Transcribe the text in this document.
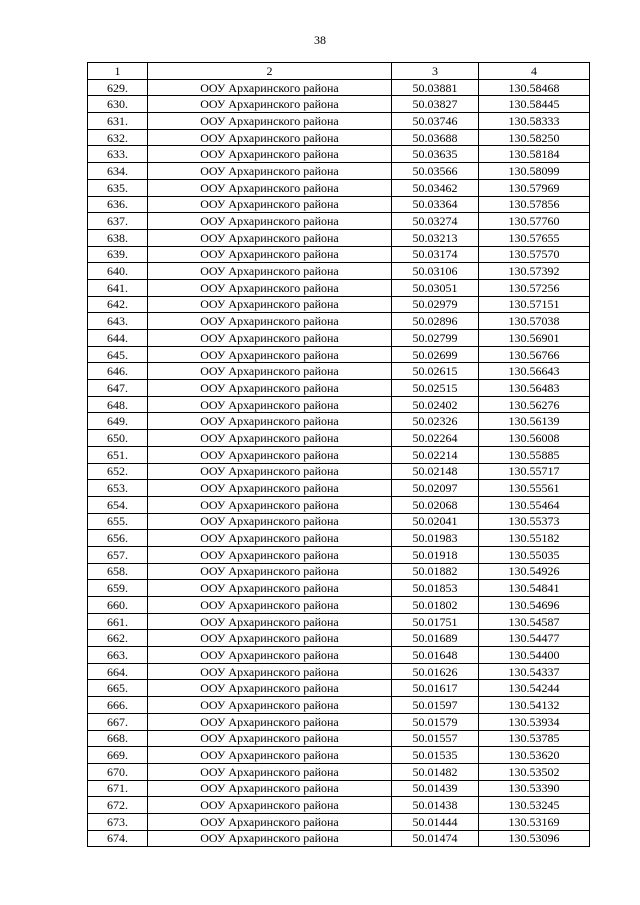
38
1	2	3	4
629.	ООУ Архаринского района	50.03881	130.58468
630.	ООУ Архаринского района	50.03827	130.58445
631.	ООУ Архаринского района	50.03746	130.58333
632.	ООУ Архаринского района	50.03688	130.58250
633.	ООУ Архаринского района	50.03635	130.58184
634.	ООУ Архаринского района	50.03566	130.58099
635.	ООУ Архаринского района	50.03462	130.57969
636.	ООУ Архаринского района	50.03364	130.57856
637.	ООУ Архаринского района	50.03274	130.57760
638.	ООУ Архаринского района	50.03213	130.57655
639.	ООУ Архаринского района	50.03174	130.57570
640.	ООУ Архаринского района	50.03106	130.57392
641.	ООУ Архаринского района	50.03051	130.57256
642.	ООУ Архаринского района	50.02979	130.57151
643.	ООУ Архаринского района	50.02896	130.57038
644.	ООУ Архаринского района	50.02799	130.56901
645.	ООУ Архаринского района	50.02699	130.56766
646.	ООУ Архаринского района	50.02615	130.56643
647.	ООУ Архаринского района	50.02515	130.56483
648.	ООУ Архаринского района	50.02402	130.56276
649.	ООУ Архаринского района	50.02326	130.56139
650.	ООУ Архаринского района	50.02264	130.56008
651.	ООУ Архаринского района	50.02214	130.55885
652.	ООУ Архаринского района	50.02148	130.55717
653.	ООУ Архаринского района	50.02097	130.55561
654.	ООУ Архаринского района	50.02068	130.55464
655.	ООУ Архаринского района	50.02041	130.55373
656.	ООУ Архаринского района	50.01983	130.55182
657.	ООУ Архаринского района	50.01918	130.55035
658.	ООУ Архаринского района	50.01882	130.54926
659.	ООУ Архаринского района	50.01853	130.54841
660.	ООУ Архаринского района	50.01802	130.54696
661.	ООУ Архаринского района	50.01751	130.54587
662.	ООУ Архаринского района	50.01689	130.54477
663.	ООУ Архаринского района	50.01648	130.54400
664.	ООУ Архаринского района	50.01626	130.54337
665.	ООУ Архаринского района	50.01617	130.54244
666.	ООУ Архаринского района	50.01597	130.54132
667.	ООУ Архаринского района	50.01579	130.53934
668.	ООУ Архаринского района	50.01557	130.53785
669.	ООУ Архаринского района	50.01535	130.53620
670.	ООУ Архаринского района	50.01482	130.53502
671.	ООУ Архаринского района	50.01439	130.53390
672.	ООУ Архаринского района	50.01438	130.53245
673.	ООУ Архаринского района	50.01444	130.53169
674.	ООУ Архаринского района	50.01474	130.53096
